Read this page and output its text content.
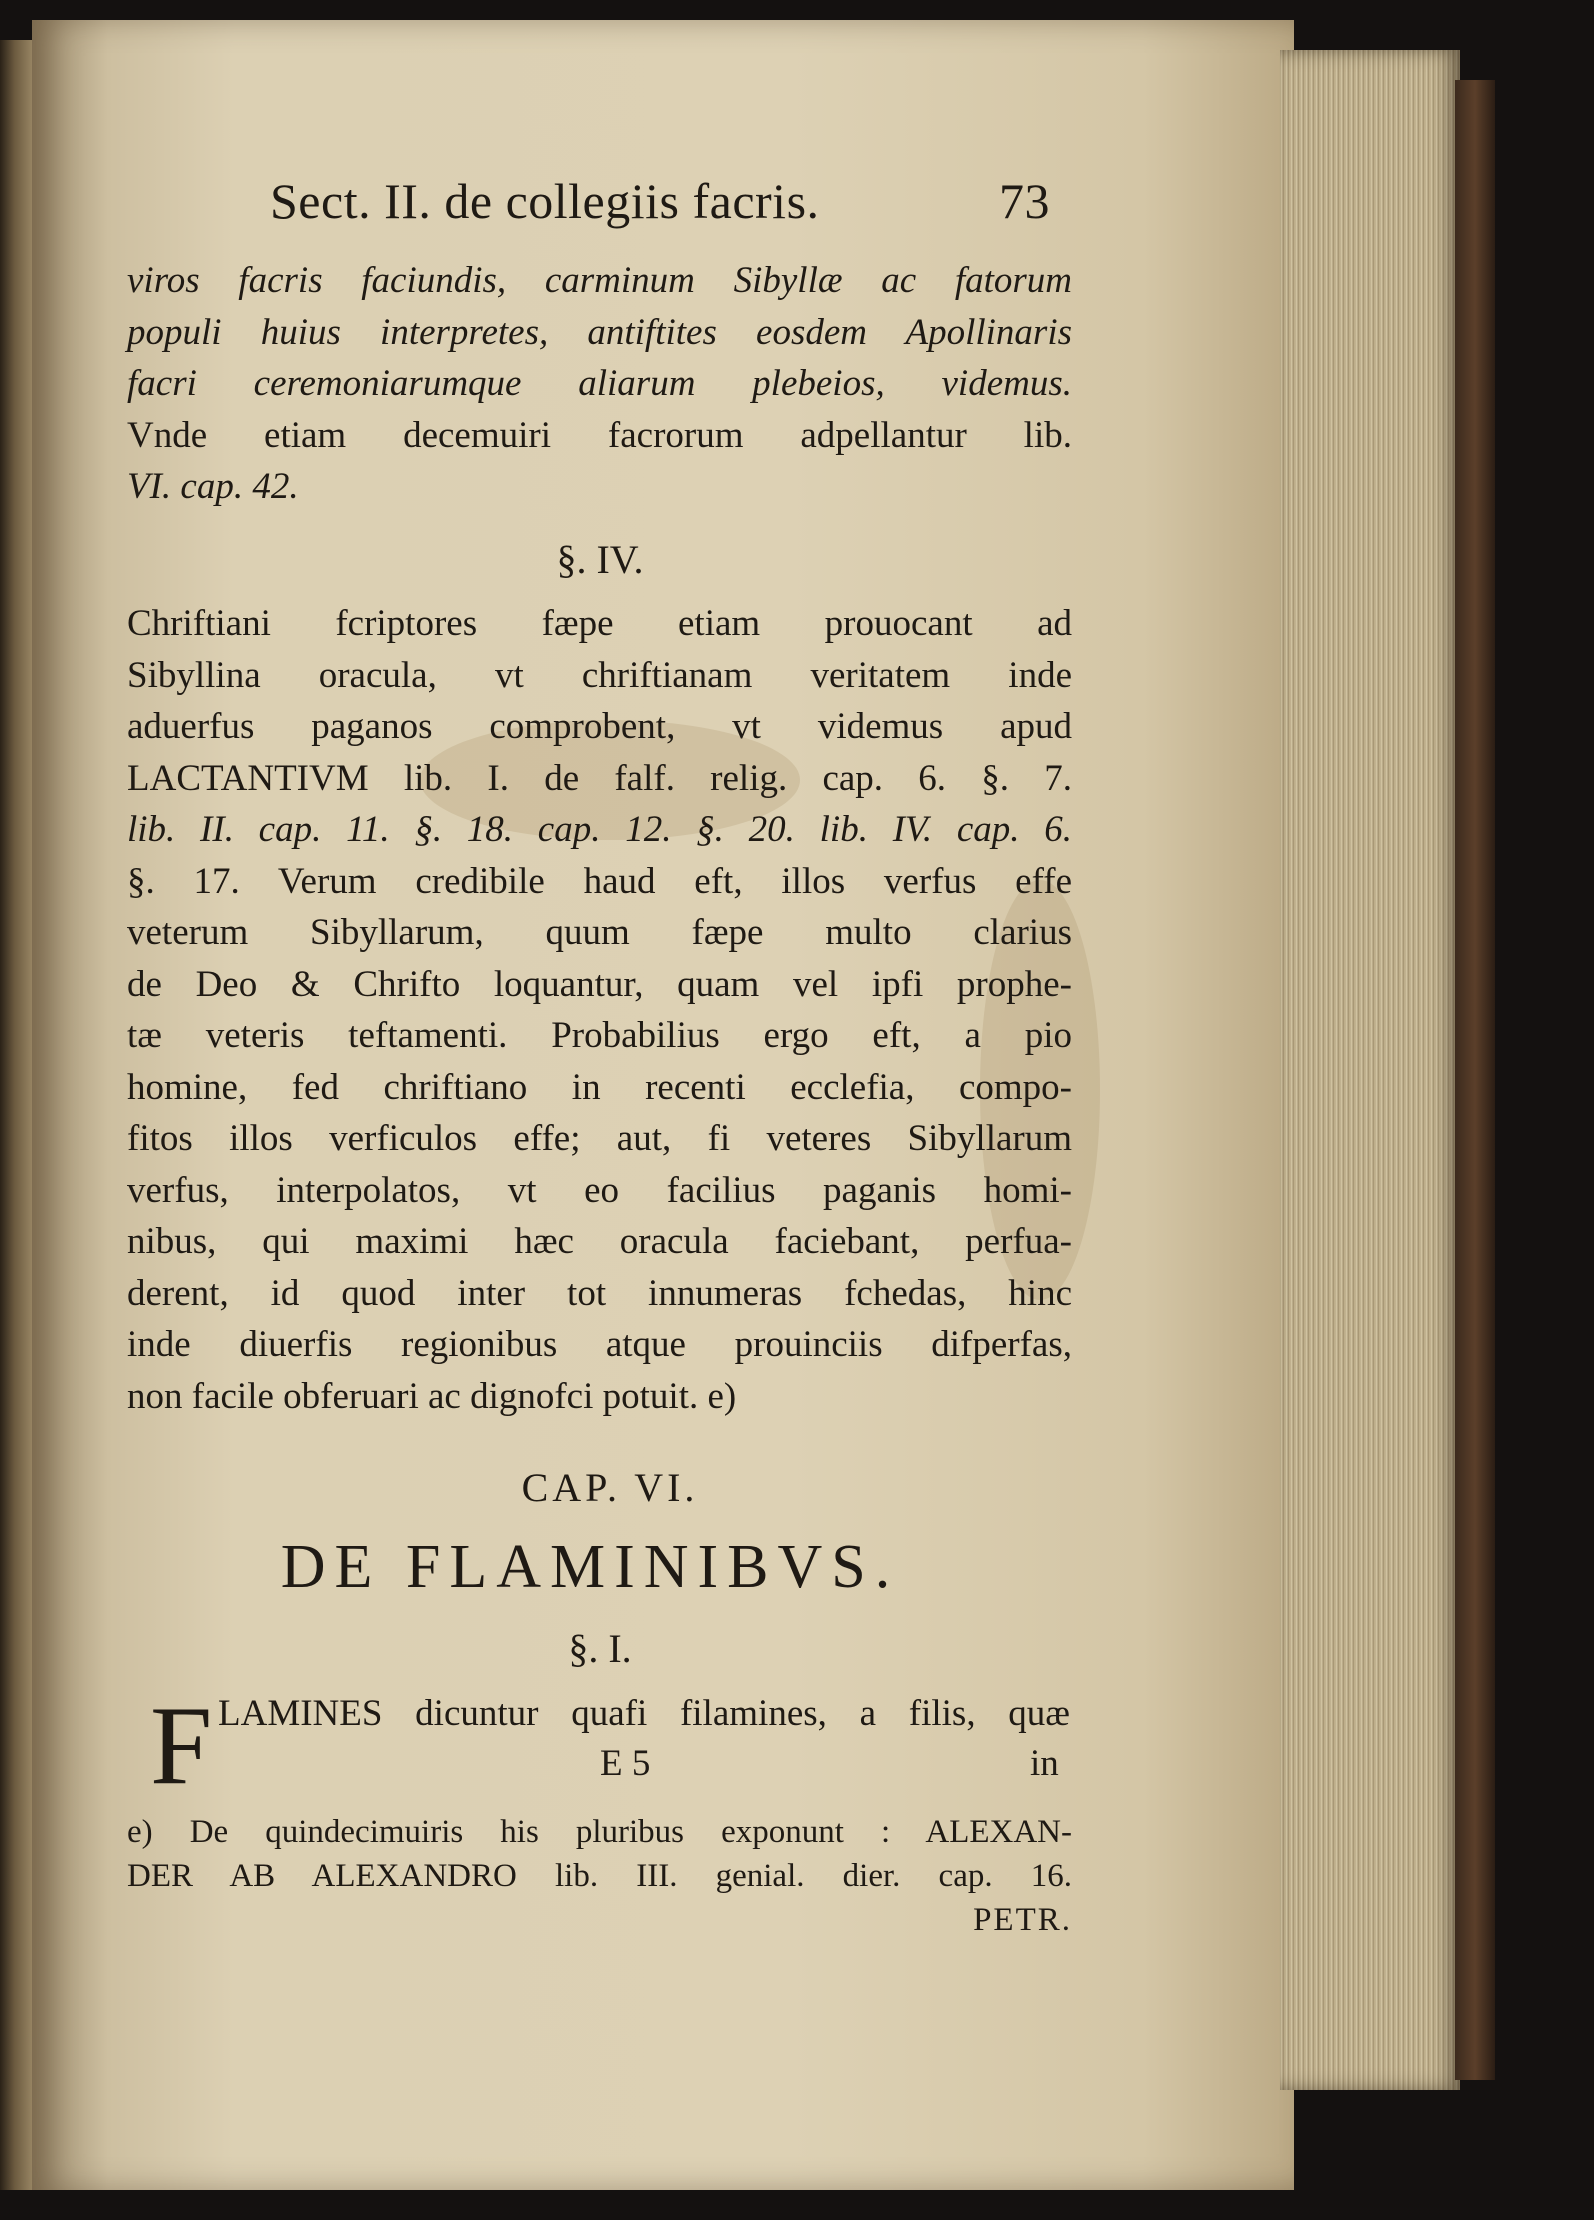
Sect. II. de collegiis facris.	73
viros facris faciundis, carminum Sibyllæ ac fatorum
populi huius interpretes, antiftites eosdem Apollinaris
facri ceremoniarumque aliarum plebeios, videmus.
Vnde etiam decemuiri facrorum adpellantur lib.
VI. cap. 42.
§. IV.
Chriftiani fcriptores fæpe etiam prouocant ad
Sibyllina oracula, vt chriftianam veritatem inde
aduerfus paganos comprobent, vt videmus apud
LACTANTIVM lib. I. de falf. relig. cap. 6. §. 7.
lib. II. cap. 11. §. 18. cap. 12. §. 20. lib. IV. cap. 6.
§. 17. Verum credibile haud eft, illos verfus effe
veterum Sibyllarum, quum fæpe multo clarius
de Deo & Chrifto loquantur, quam vel ipfi prophe-
tæ veteris teftamenti. Probabilius ergo eft, a pio
homine, fed chriftiano in recenti ecclefia, compo-
fitos illos verficulos effe; aut, fi veteres Sibyllarum
verfus, interpolatos, vt eo facilius paganis homi-
nibus, qui maximi hæc oracula faciebant, perfua-
derent, id quod inter tot innumeras fchedas, hinc
inde diuerfis regionibus atque prouinciis difperfas,
non facile obferuari ac dignofci potuit. e)
CAP. VI.
DE FLAMINIBVS.
§. I.
F LAMINES dicuntur quafi filamines, a filis, quæ
E 5	in
e) De quindecimuiris his pluribus exponunt : ALEXAN-
DER AB ALEXANDRO lib. III. genial. dier. cap. 16.
PETR.
